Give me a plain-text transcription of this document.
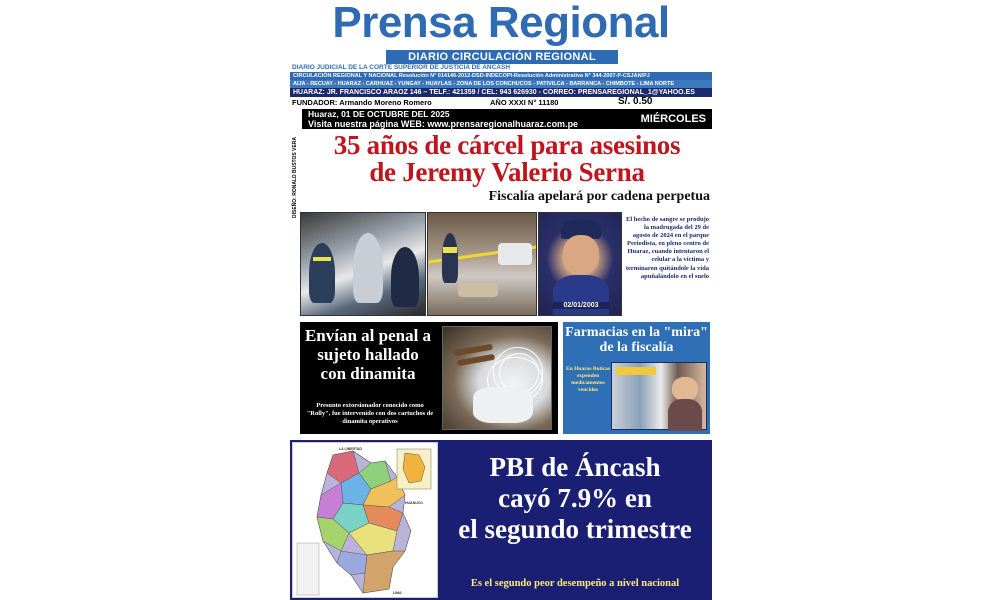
Prensa Regional
DIARIO CIRCULACIÓN REGIONAL
DIARIO JUDICIAL DE LA CORTE SUPERIOR DE JUSTICIA DE ANCASH
CIRCULACIÓN REGIONAL Y NACIONAL Resolución N° 014146-2012-DSD-INDECOPI-Resolución Administrativa N° 344-2007-P-CSJAN/PJ
AIJA - RECUAY - HUARAZ - CARHUAZ - YUNGAY - HUAYLAS - ZONA DE LOS CONCHUCOS - PATIVILCA - BARRANCA - CHIMBOTE - LIMA NORTE
HUARAZ: JR. FRANCISCO ARAOZ 146 – TELF.: 421359 / CEL: 943 626930 - CORREO: PRENSAREGIONAL_1@YAHOO.ES
FUNDADOR: Armando Moreno Romero	AÑO XXXI N° 11180	S/. 0.50
Huaraz, 01 DE OCTUBRE DEL 2025
Visita nuestra página WEB: www.prensaregionalhuaraz.com.pe	MIÉRCOLES
DISEÑO: RONALD BUSTOS VERA	35 años de cárcel para asesinos
de Jeremy Valerio Serna
Fiscalía apelará por cadena perpetua
02/01/2003
El hecho de sangre se produjo la madrugada del 29 de agosto de 2024 en el parque Periodista, en pleno centro de Huaraz, cuando intentaron el celular a la víctima y terminaron quitándole la vida apuñalándolo en el suelo
Envían al penal a sujeto hallado con dinamita
Presunto extorsionador conocido como "Rolly", fue intervenido con dos cartuchos de dinamita operativos
Farmacias en la "mira" de la fiscalía
En Huaras Boticas expenden medicamentos vencidos
LA LIBERTAD
HUANUCO
LIMA
PBI de Áncash
cayó 7.9% en
el segundo trimestre
Es el segundo peor desempeño a nivel nacional
